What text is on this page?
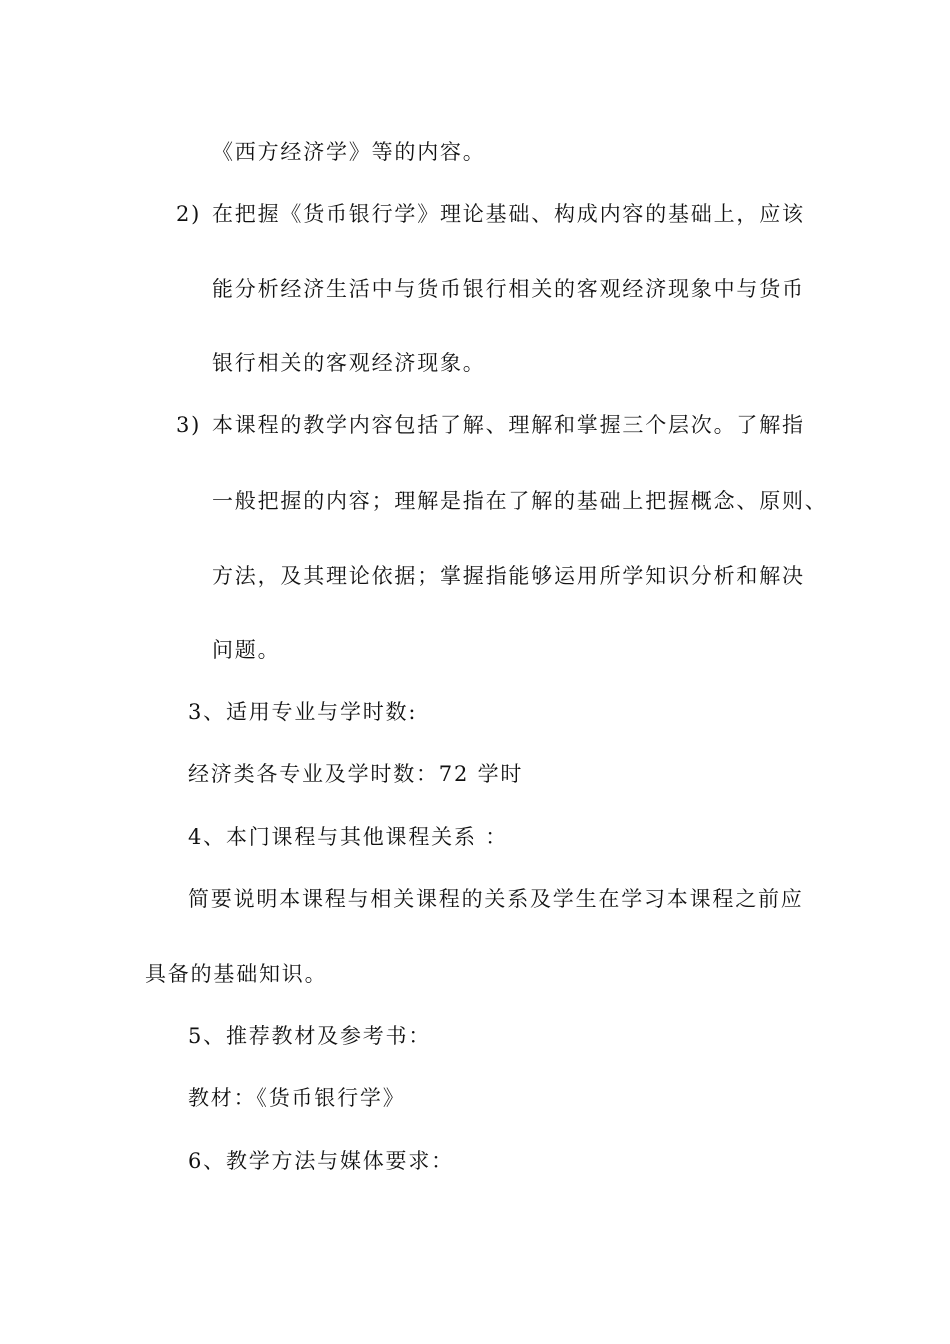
《西方经济学》等的内容。
2) 在把握《货币银行学》理论基础、构成内容的基础上，应该
能分析经济生活中与货币银行相关的客观经济现象中与货币
银行相关的客观经济现象。
3) 本课程的教学内容包括了解、理解和掌握三个层次。了解指
一般把握的内容；理解是指在了解的基础上把握概念、原则、
方法，及其理论依据；掌握指能够运用所学知识分析和解决
问题。
3、适用专业与学时数:
经济类各专业及学时数：72 学时
4、本门课程与其他课程关系 ：
简要说明本课程与相关课程的关系及学生在学习本课程之前应
具备的基础知识。
5、推荐教材及参考书：
教材：《货币银行学》
6、教学方法与媒体要求：
